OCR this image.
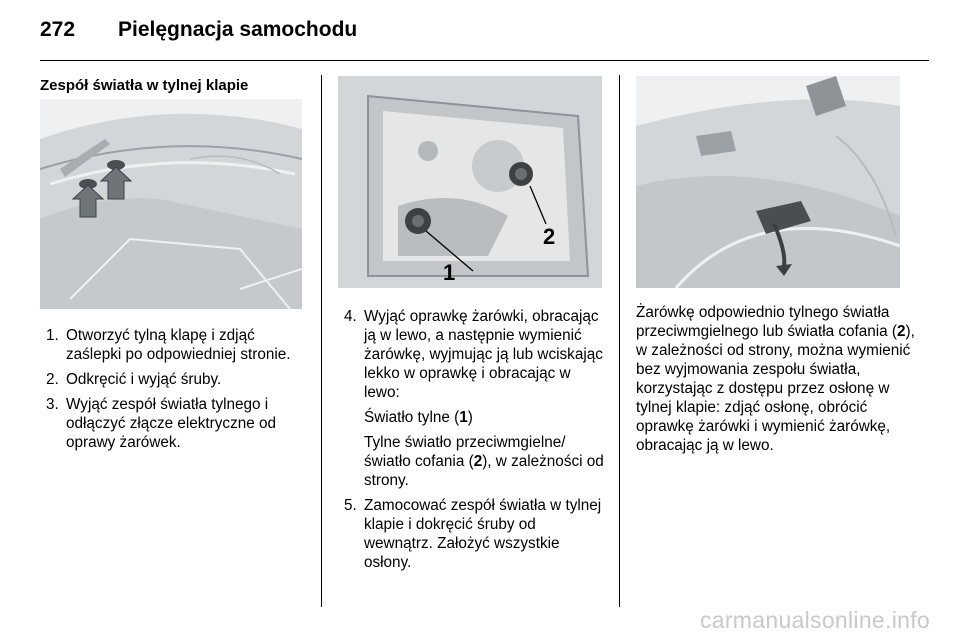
272 Pielęgnacja samochodu
Zespół światła w tylnej klapie
1. Otworzyć tylną klapę i zdjąć zaślepki po odpowiedniej stronie.
2. Odkręcić i wyjąć śruby.
3. Wyjąć zespół światła tylnego i odłączyć złącze elektryczne od oprawy żarówek.
1
2
4. Wyjąć oprawkę żarówki, obracając ją w lewo, a następnie wymienić żarówkę, wyjmując ją lub wciskając lekko w oprawkę i obracając w lewo:

Światło tylne (1)

Tylne światło przeciwmgielne/ światło cofania (2), w zależności od strony.

5. Zamocować zespół światła w tylnej klapie i dokręcić śruby od wewnątrz. Założyć wszystkie osłony.

Żarówkę odpowiednio tylnego światła przeciwmgielnego lub światła cofania (2), w zależności od strony, można wymienić bez wyjmowania zespołu światła, korzystając z dostępu przez osłonę w tylnej klapie: zdjąć osłonę, obrócić oprawkę żarówki i wymienić żarówkę, obracając ją w lewo.

carmanualsonline.info
